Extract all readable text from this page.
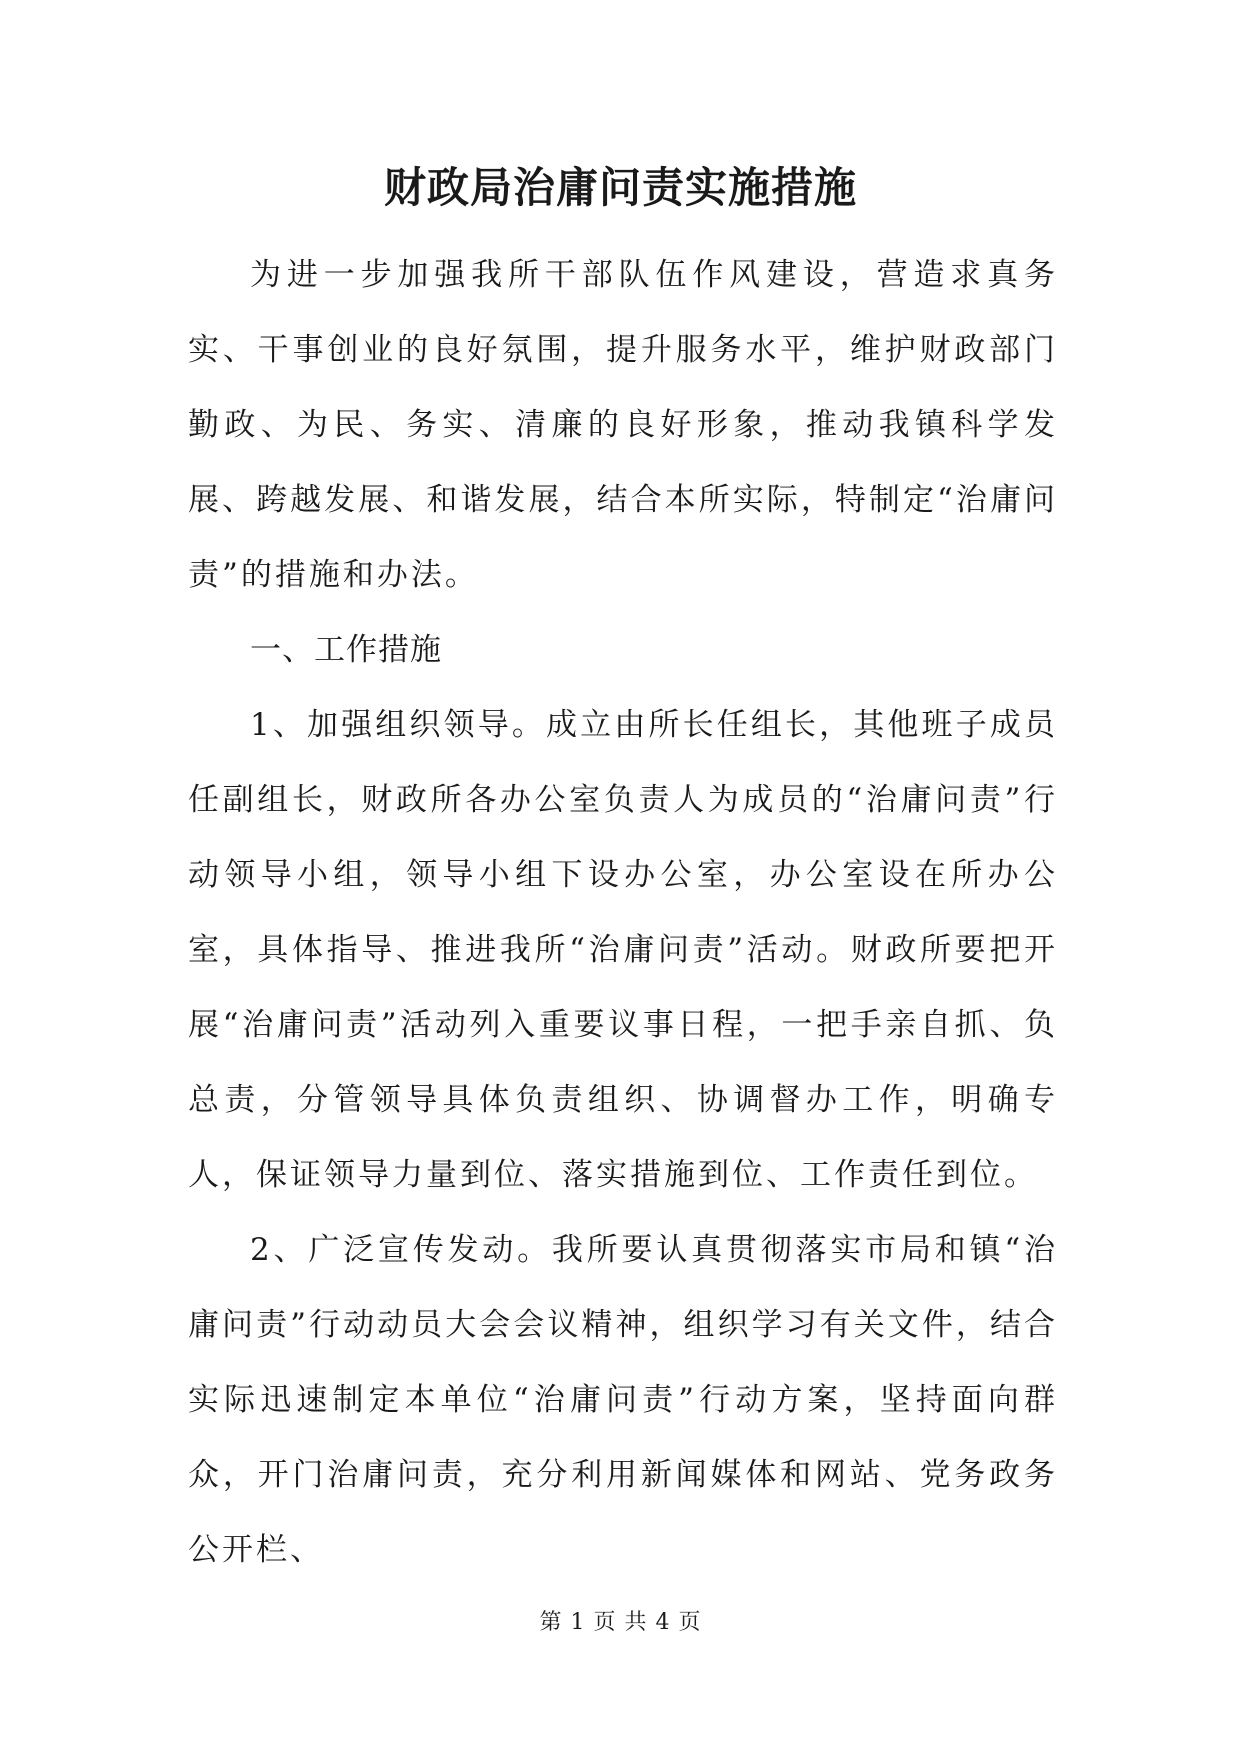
财政局治庸问责实施措施

为进一步加强我所干部队伍作风建设，营造求真务实、干事创业的良好氛围，提升服务水平，维护财政部门勤政、为民、务实、清廉的良好形象，推动我镇科学发展、跨越发展、和谐发展，结合本所实际，特制定“治庸问责”的措施和办法。

一、工作措施

1、加强组织领导。成立由所长任组长，其他班子成员任副组长，财政所各办公室负责人为成员的“治庸问责”行动领导小组，领导小组下设办公室，办公室设在所办公室，具体指导、推进我所“治庸问责”活动。财政所要把开展“治庸问责”活动列入重要议事日程，一把手亲自抓、负总责，分管领导具体负责组织、协调督办工作，明确专人，保证领导力量到位、落实措施到位、工作责任到位。

2、广泛宣传发动。我所要认真贯彻落实市局和镇“治庸问责”行动动员大会会议精神，组织学习有关文件，结合实际迅速制定本单位“治庸问责”行动方案，坚持面向群众，开门治庸问责，充分利用新闻媒体和网站、党务政务公开栏、

第 1 页 共 4 页
